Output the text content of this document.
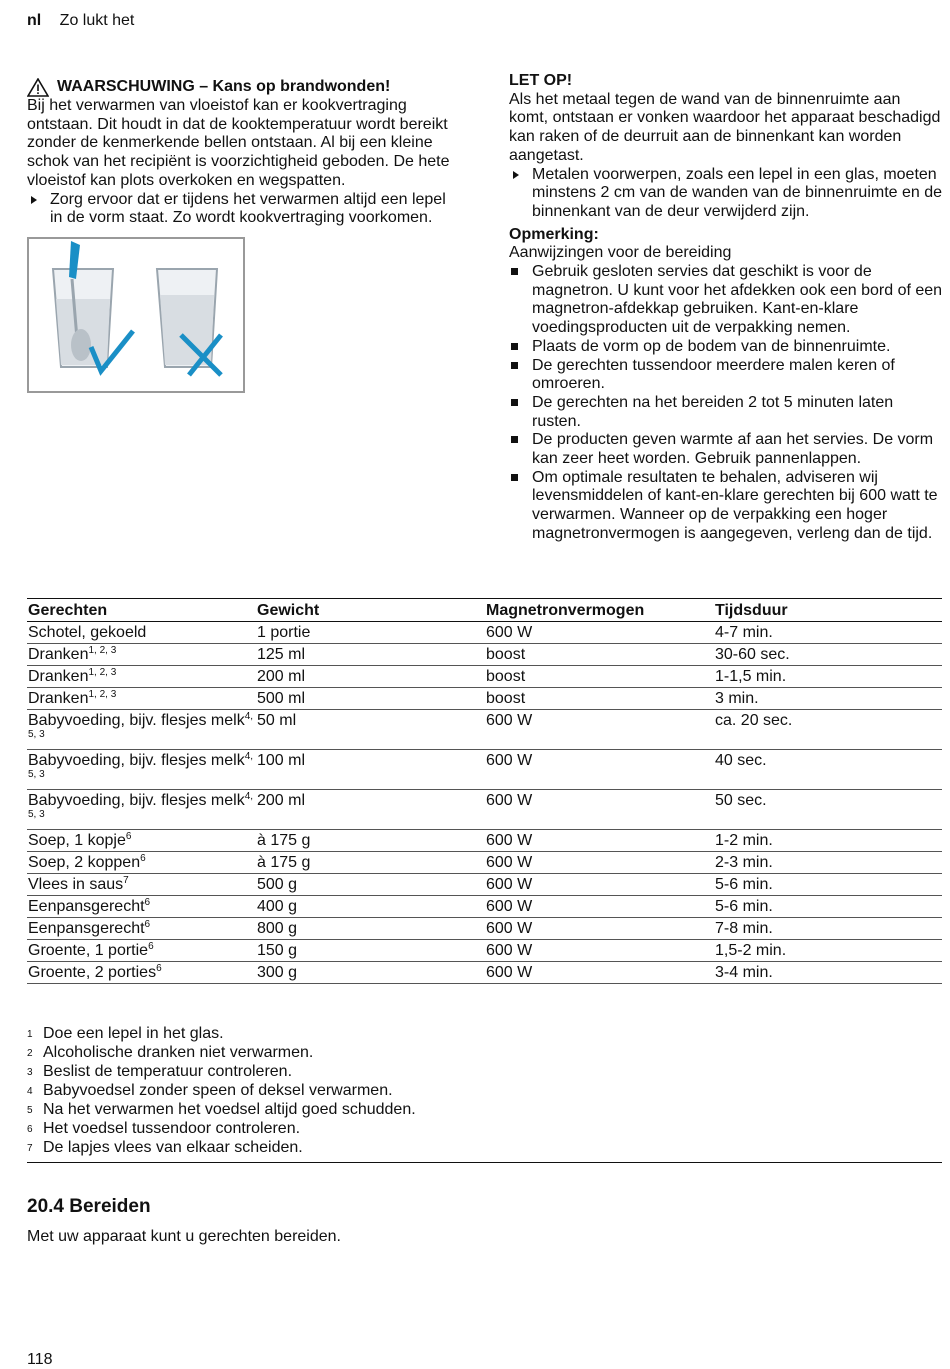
nl Zo lukt het
WAARSCHUWING – Kans op brandwonden!

Bij het verwarmen van vloeistof kan er kookvertraging ontstaan. Dit houdt in dat de kooktemperatuur wordt bereikt zonder de kenmerkende bellen ontstaan. Al bij een kleine schok van het recipiënt is voorzichtigheid geboden. De hete vloeistof kan plots overkoken en wegspatten.

Zorg ervoor dat er tijdens het verwarmen altijd een lepel in de vorm staat. Zo wordt kookvertraging voorkomen.

LET OP!

Als het metaal tegen de wand van de binnenruimte aan komt, ontstaan er vonken waardoor het apparaat beschadigd kan raken of de deurruit aan de binnenkant kan worden aangetast.

Metalen voorwerpen, zoals een lepel in een glas, moeten minstens 2 cm van de wanden van de binnenruimte en de binnenkant van de deur verwijderd zijn.

Opmerking:

Aanwijzingen voor de bereiding

Gebruik gesloten servies dat geschikt is voor de magnetron. U kunt voor het afdekken ook een bord of een magnetron-afdekkap gebruiken. Kant-en-klare voedingsproducten uit de verpakking nemen.
Plaats de vorm op de bodem van de binnenruimte.
De gerechten tussendoor meerdere malen keren of omroeren.
De gerechten na het bereiden 2 tot 5 minuten laten rusten.
De producten geven warmte af aan het servies. De vorm kan zeer heet worden. Gebruik pannenlappen.
Om optimale resultaten te behalen, adviseren wij levensmiddelen of kant-en-klare gerechten bij 600 watt te verwarmen. Wanneer op de verpakking een hoger magnetronvermogen is aangegeven, verleng dan de tijd.
Gerechten	Gewicht	Magnetronvermogen	Tijdsduur
Schotel, gekoeld	1 portie	600 W	4-7 min.
Dranken$^{1, 2, 3}$	125 ml	boost	30-60 sec.
Dranken$^{1, 2, 3}$	200 ml	boost	1-1,5 min.
Dranken$^{1, 2, 3}$	500 ml	boost	3 min.
Babyvoeding, bijv. flesjes melk$^{4, 5, 3}$	50 ml	600 W	ca. 20 sec.
Babyvoeding, bijv. flesjes melk$^{4, 5, 3}$	100 ml	600 W	40 sec.
Babyvoeding, bijv. flesjes melk$^{4, 5, 3}$	200 ml	600 W	50 sec.
Soep, 1 kopje$^6$	à 175 g	600 W	1-2 min.
Soep, 2 koppen$^6$	à 175 g	600 W	2-3 min.
Vlees in saus$^7$	500 g	600 W	5-6 min.
Eenpansgerecht$^6$	400 g	600 W	5-6 min.
Eenpansgerecht$^6$	800 g	600 W	7-8 min.
Groente, 1 portie$^6$	150 g	600 W	1,5-2 min.
Groente, 2 porties$^6$	300 g	600 W	3-4 min.
1 Doe een lepel in het glas.
2 Alcoholische dranken niet verwarmen.
3 Beslist de temperatuur controleren.
4 Babyvoedsel zonder speen of deksel verwarmen.
5 Na het verwarmen het voedsel altijd goed schudden.
6 Het voedsel tussendoor controleren.
7 De lapjes vlees van elkaar scheiden.
20.4 Bereiden
Met uw apparaat kunt u gerechten bereiden.
118
